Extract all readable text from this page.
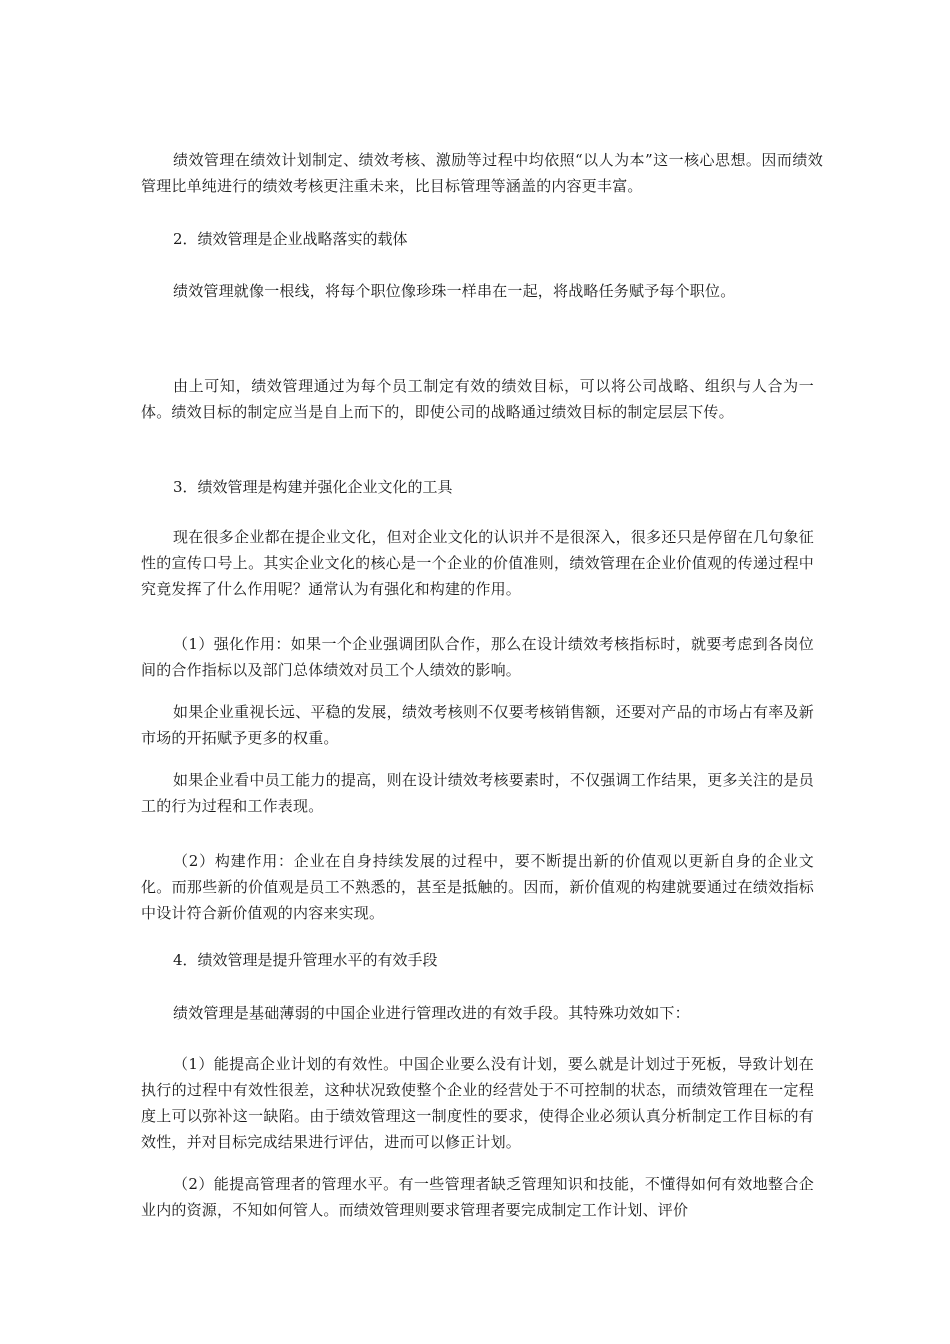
绩效管理在绩效计划制定、绩效考核、激励等过程中均依照“以人为本”这一核心思想。因而绩效管理比单纯进行的绩效考核更注重未来，比目标管理等涵盖的内容更丰富。

2．绩效管理是企业战略落实的载体

绩效管理就像一根线，将每个职位像珍珠一样串在一起，将战略任务赋予每个职位。

由上可知，绩效管理通过为每个员工制定有效的绩效目标，可以将公司战略、组织与人合为一体。绩效目标的制定应当是自上而下的，即使公司的战略通过绩效目标的制定层层下传。

3．绩效管理是构建并强化企业文化的工具

现在很多企业都在提企业文化，但对企业文化的认识并不是很深入，很多还只是停留在几句象征性的宣传口号上。其实企业文化的核心是一个企业的价值准则，绩效管理在企业价值观的传递过程中究竟发挥了什么作用呢？通常认为有强化和构建的作用。

（1）强化作用：如果一个企业强调团队合作，那么在设计绩效考核指标时，就要考虑到各岗位间的合作指标以及部门总体绩效对员工个人绩效的影响。

如果企业重视长远、平稳的发展，绩效考核则不仅要考核销售额，还要对产品的市场占有率及新市场的开拓赋予更多的权重。

如果企业看中员工能力的提高，则在设计绩效考核要素时，不仅强调工作结果，更多关注的是员工的行为过程和工作表现。

（2）构建作用：企业在自身持续发展的过程中，要不断提出新的价值观以更新自身的企业文化。而那些新的价值观是员工不熟悉的，甚至是抵触的。因而，新价值观的构建就要通过在绩效指标中设计符合新价值观的内容来实现。

4．绩效管理是提升管理水平的有效手段

绩效管理是基础薄弱的中国企业进行管理改进的有效手段。其特殊功效如下：

（1）能提高企业计划的有效性。中国企业要么没有计划，要么就是计划过于死板，导致计划在执行的过程中有效性很差，这种状况致使整个企业的经营处于不可控制的状态，而绩效管理在一定程度上可以弥补这一缺陷。由于绩效管理这一制度性的要求，使得企业必须认真分析制定工作目标的有效性，并对目标完成结果进行评估，进而可以修正计划。

（2）能提高管理者的管理水平。有一些管理者缺乏管理知识和技能，不懂得如何有效地整合企业内的资源，不知如何管人。而绩效管理则要求管理者要完成制定工作计划、评价
